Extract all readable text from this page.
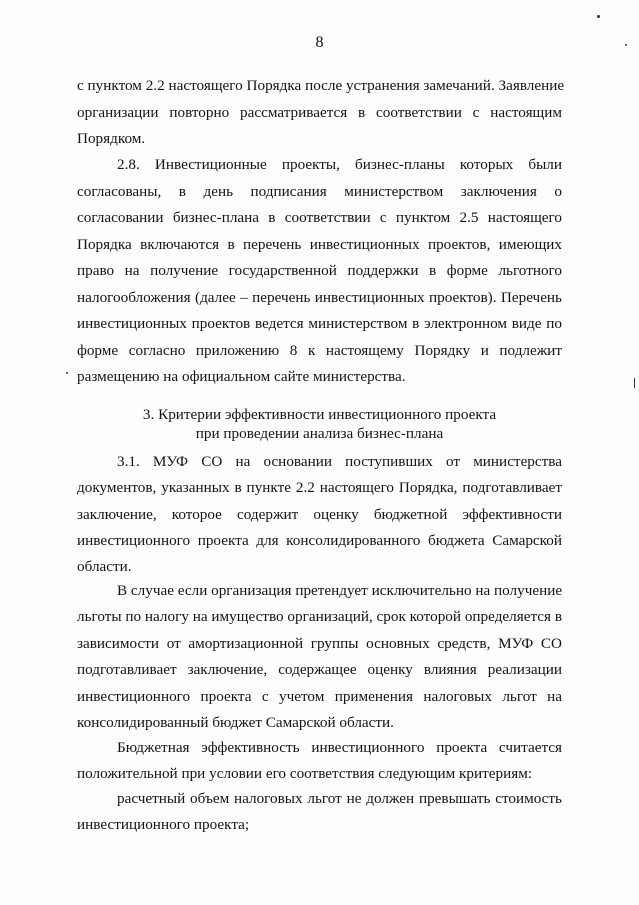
8
с пунктом 2.2 настоящего Порядка после устранения замечаний. Заявление
организации повторно рассматривается в соответствии с настоящим
Порядком.
2.8. Инвестиционные проекты, бизнес-планы которых были
согласованы, в день подписания министерством заключения о
согласовании бизнес-плана в соответствии с пунктом 2.5 настоящего
Порядка включаются в перечень инвестиционных проектов, имеющих
право на получение государственной поддержки в форме льготного
налогообложения (далее – перечень инвестиционных проектов). Перечень
инвестиционных проектов ведется министерством в электронном виде по
форме согласно приложению 8 к настоящему Порядку и подлежит
размещению на официальном сайте министерства.
3. Критерии эффективности инвестиционного проекта
при проведении анализа бизнес-плана
3.1. МУФ СО на основании поступивших от министерства
документов, указанных в пункте 2.2 настоящего Порядка, подготавливает
заключение, которое содержит оценку бюджетной эффективности
инвестиционного проекта для консолидированного бюджета Самарской
области.
В случае если организация претендует исключительно на получение
льготы по налогу на имущество организаций, срок которой определяется в
зависимости от амортизационной группы основных средств, МУФ СО
подготавливает заключение, содержащее оценку влияния реализации
инвестиционного проекта с учетом применения налоговых льгот на
консолидированный бюджет Самарской области.
Бюджетная эффективность инвестиционного проекта считается
положительной при условии его соответствия следующим критериям:
расчетный объем налоговых льгот не должен превышать стоимость
инвестиционного проекта;
